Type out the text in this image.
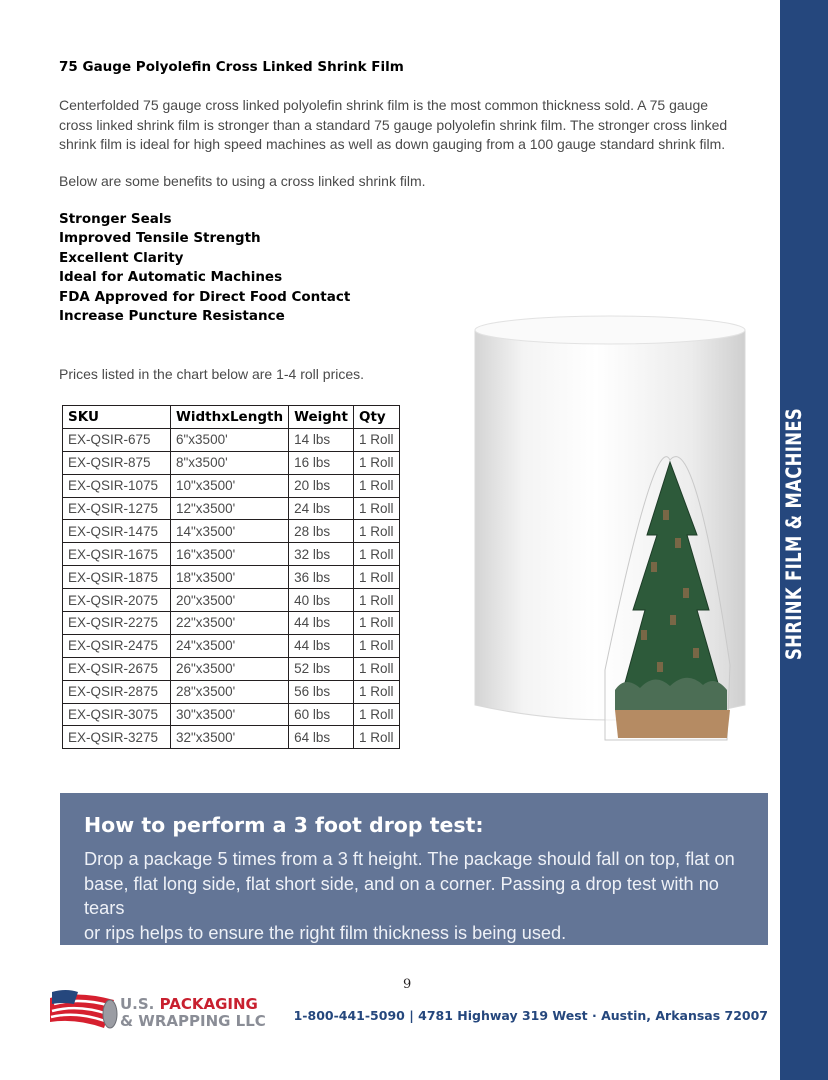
SHRINK FILM & MACHINES
75 Gauge Polyolefin Cross Linked Shrink Film
Centerfolded 75 gauge cross linked polyolefin shrink film is the most common thickness sold. A 75 gauge
cross linked shrink film is stronger than a standard 75 gauge polyolefin shrink film. The stronger cross linked
shrink film is ideal for high speed machines as well as down gauging from a 100 gauge standard shrink film.
Below are some benefits to using a cross linked shrink film.
Stronger Seals
Improved Tensile Strength
Excellent Clarity
Ideal for Automatic Machines
FDA Approved for Direct Food Contact
Increase Puncture Resistance
Prices listed in the chart below are 1-4 roll prices.
SKU	WidthxLength	Weight	Qty
EX-QSIR-675	6"x3500'	14 lbs	1 Roll
EX-QSIR-875	8"x3500'	16 lbs	1 Roll
EX-QSIR-1075	10"x3500'	20 lbs	1 Roll
EX-QSIR-1275	12"x3500'	24 lbs	1 Roll
EX-QSIR-1475	14"x3500'	28 lbs	1 Roll
EX-QSIR-1675	16"x3500'	32 lbs	1 Roll
EX-QSIR-1875	18"x3500'	36 lbs	1 Roll
EX-QSIR-2075	20"x3500'	40 lbs	1 Roll
EX-QSIR-2275	22"x3500'	44 lbs	1 Roll
EX-QSIR-2475	24"x3500'	44 lbs	1 Roll
EX-QSIR-2675	26"x3500'	52 lbs	1 Roll
EX-QSIR-2875	28"x3500'	56 lbs	1 Roll
EX-QSIR-3075	30"x3500'	60 lbs	1 Roll
EX-QSIR-3275	32"x3500'	64 lbs	1 Roll
How to perform a 3 foot drop test:
Drop a package 5 times from a 3 ft height. The package should fall on top, flat on
base, flat long side, flat short side, and on a corner. Passing a drop test with no tears
or rips helps to ensure the right film thickness is being used.
9
U.S. PACKAGING
& WRAPPING LLC 1-800-441-5090 | 4781 Highway 319 West · Austin, Arkansas 72007
